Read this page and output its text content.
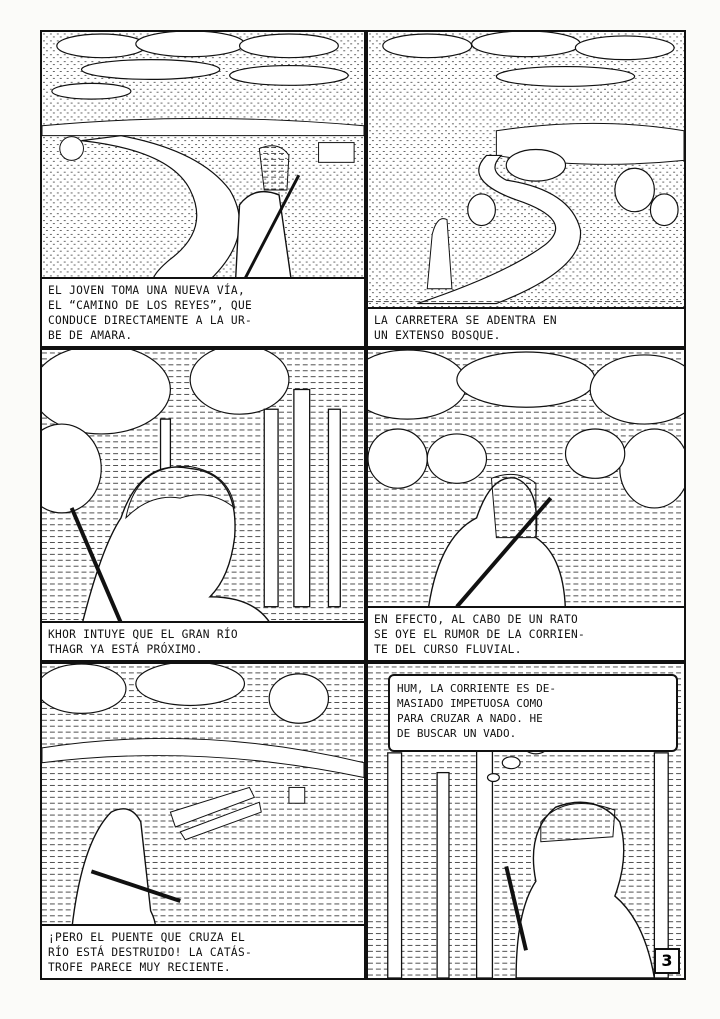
EL JOVEN TOMA UNA NUEVA VÍA,
EL “CAMINO DE LOS REYES”, QUE
CONDUCE DIRECTAMENTE A LA UR-
BE DE AMARA.
LA CARRETERA SE ADENTRA EN
UN EXTENSO BOSQUE.
KHOR INTUYE QUE EL GRAN RÍO
THAGR YA ESTÁ PRÓXIMO.
EN EFECTO, AL CABO DE UN RATO
SE OYE EL RUMOR DE LA CORRIEN-
TE DEL CURSO FLUVIAL.
¡PERO EL PUENTE QUE CRUZA EL
RÍO ESTÁ DESTRUIDO! LA CATÁS-
TROFE PARECE MUY RECIENTE.
HUM, LA CORRIENTE ES DE-
MASIADO IMPETUOSA COMO
PARA CRUZAR A NADO. HE
DE BUSCAR UN VADO.
3
